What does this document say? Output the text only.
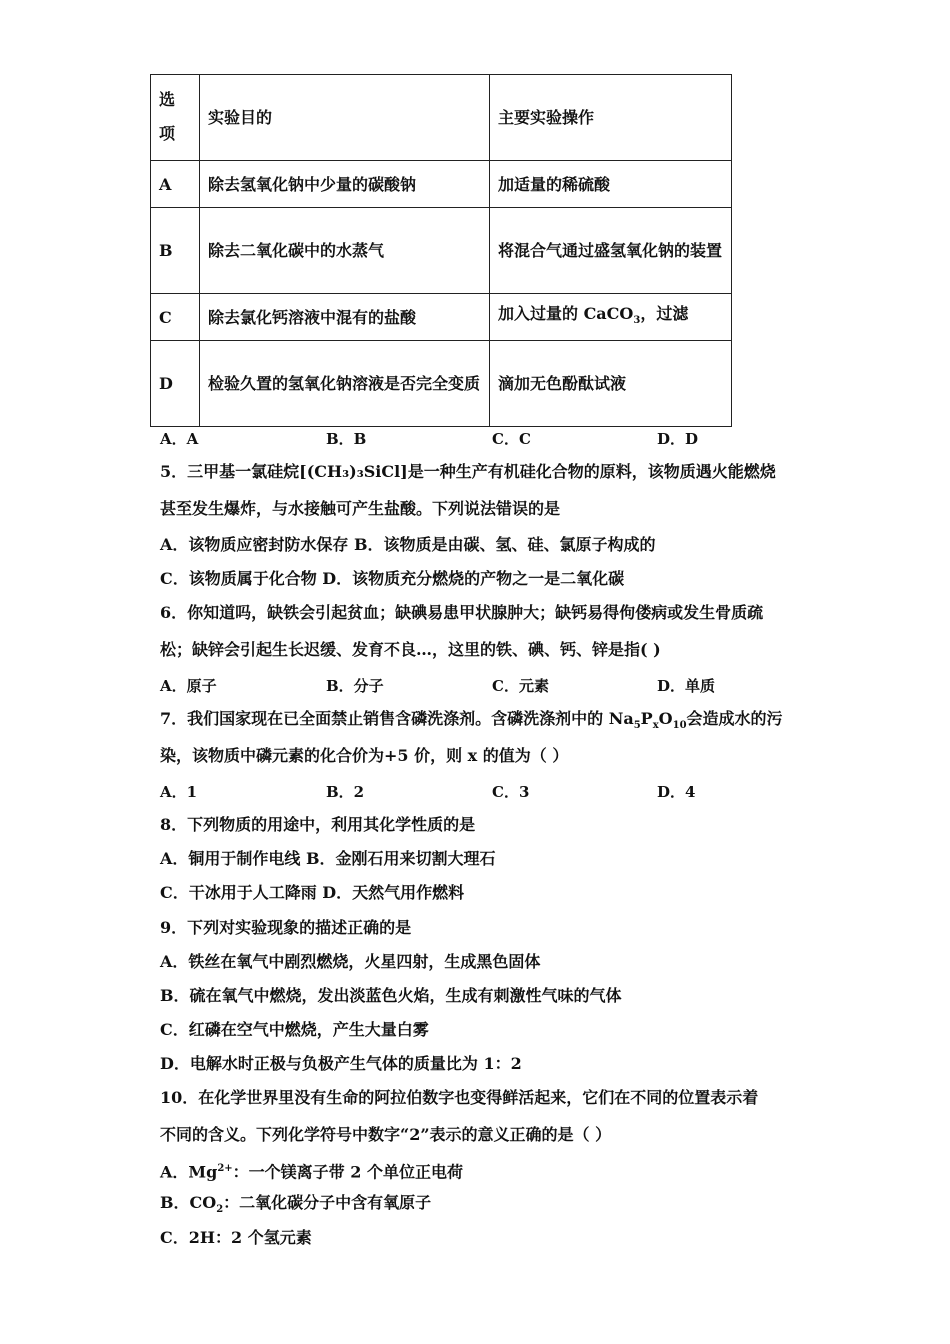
选项	实验目的	主要实验操作
A	除去氢氧化钠中少量的碳酸钠	加适量的稀硫酸
B	除去二氧化碳中的水蒸气	将混合气通过盛氢氧化钠的装置
C	除去氯化钙溶液中混有的盐酸	加入过量的 CaCO$_3$，过滤
D	检验久置的氢氧化钠溶液是否完全变质	滴加无色酚酞试液
A．A	B．B	C．C	D．D
5．三甲基一氯硅烷[(CH₃)₃SiCl]是一种生产有机硅化合物的原料，该物质遇火能燃烧
甚至发生爆炸，与水接触可产生盐酸。下列说法错误的是
A．该物质应密封防水保存 B．该物质是由碳、氢、硅、氯原子构成的
C．该物质属于化合物 D．该物质充分燃烧的产物之一是二氧化碳
6．你知道吗，缺铁会引起贫血；缺碘易患甲状腺肿大；缺钙易得佝偻病或发生骨质疏
松；缺锌会引起生长迟缓、发育不良…，这里的铁、碘、钙、锌是指( )
A．原子	B．分子	C．元素	D．单质
7．我们国家现在已全面禁止销售含磷洗涤剂。含磷洗涤剂中的 $Na_5P_xO_{10}$会造成水的污
染，该物质中磷元素的化合价为+5 价，则 x 的值为（ ）
A．1	B．2	C．3	D．4
8．下列物质的用途中，利用其化学性质的是
A．铜用于制作电线 B．金刚石用来切割大理石
C．干冰用于人工降雨 D．天然气用作燃料
9．下列对实验现象的描述正确的是
A．铁丝在氧气中剧烈燃烧，火星四射，生成黑色固体
B．硫在氧气中燃烧，发出淡蓝色火焰，生成有刺激性气味的气体
C．红磷在空气中燃烧，产生大量白雾
D．电解水时正极与负极产生气体的质量比为 1：2
10．在化学世界里没有生命的阿拉伯数字也变得鲜活起来，它们在不同的位置表示着
不同的含义。下列化学符号中数字“2”表示的意义正确的是（ ）
A．$Mg^{2+}$：一个镁离子带 2 个单位正电荷
B．$CO_2$：二氧化碳分子中含有氧原子
C．2H：2 个氢元素
